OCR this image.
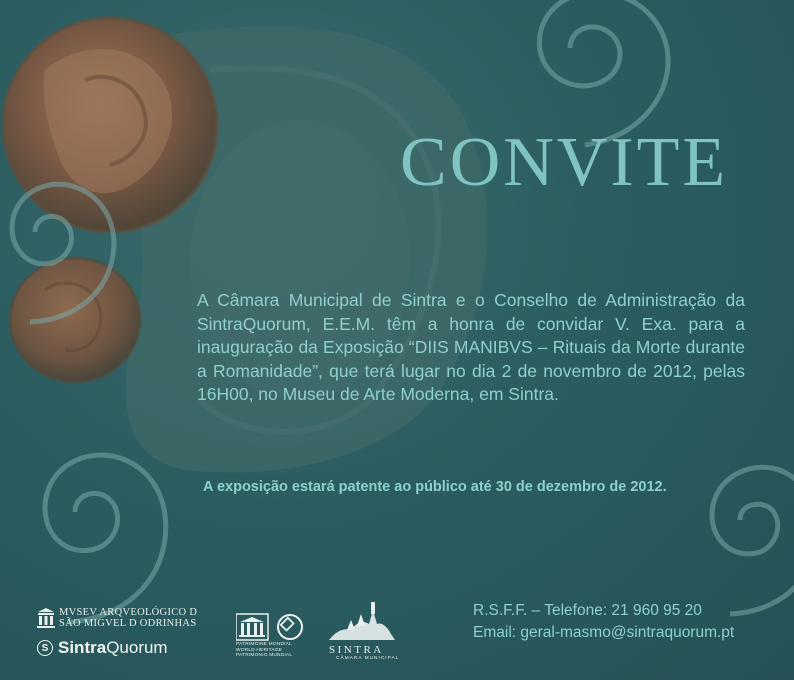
CONVITE

A Câmara Municipal de Sintra e o Conselho de Administração da SintraQuorum, E.E.M. têm a honra de convidar V. Exa. para a inauguração da Exposição “DIIS MANIBVS – Rituais da Morte durante a Romanidade”, que terá lugar no dia 2 de novembro de 2012, pelas 16H00, no Museu de Arte Moderna, em Sintra.

A exposição estará patente ao público até 30 de dezembro de 2012.

R.S.F.F. – Telefone: 21 960 95 20
Email: geral-masmo@sintraquorum.pt
MVSEV ARQVEOLÓGICO D
SÃO MIGVEL D ODRINHAS
S SintraQuorum	PATRIMOINE MONDIAL
WORLD HERITAGE
PATRIMONIO MUNDIAL	SINTRA
CÂMARA MUNICIPAL
